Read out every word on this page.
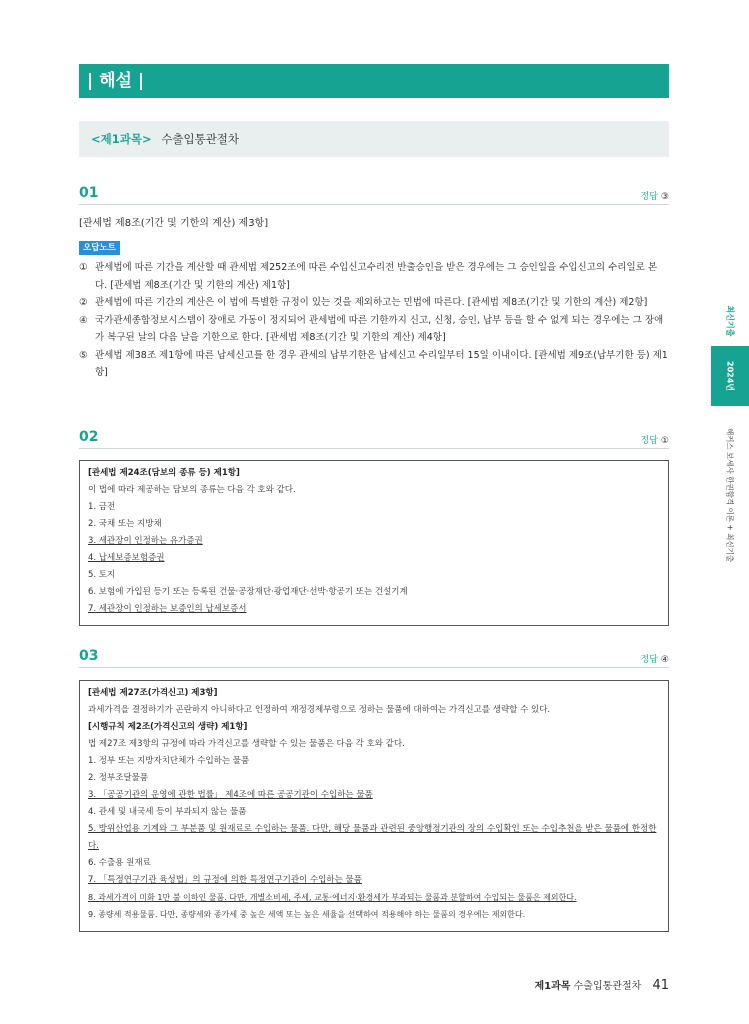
| 해설 |
<제1과목> 수출입통관절차
01	정답 ③
[관세법 제8조(기간 및 기한의 계산) 제3항]
오답노트
① 관세법에 따른 기간을 계산할 때 관세법 제252조에 따른 수입신고수리전 반출승인을 받은 경우에는 그 승인일을 수입신고의 수리일로 본다. [관세법 제8조(기간 및 기한의 계산) 제1항]
② 관세법에 따른 기간의 계산은 이 법에 특별한 규정이 있는 것을 제외하고는 민법에 따른다. [관세법 제8조(기간 및 기한의 계산) 제2항]
④ 국가관세종합정보시스템이 장애로 가동이 정지되어 관세법에 따른 기한까지 신고, 신청, 승인, 납부 등을 할 수 없게 되는 경우에는 그 장애가 복구된 날의 다음 날을 기한으로 한다. [관세법 제8조(기간 및 기한의 계산) 제4항]
⑤ 관세법 제38조 제1항에 따른 납세신고를 한 경우 관세의 납부기한은 납세신고 수리일부터 15일 이내이다. [관세법 제9조(납부기한 등) 제1항]
02	정답 ①
[관세법 제24조(담보의 종류 등) 제1항]
이 법에 따라 제공하는 담보의 종류는 다음 각 호와 같다.
1. 금전
2. 국채 또는 지방채
3. 세관장이 인정하는 유가증권
4. 납세보증보험증권
5. 토지
6. 보험에 가입된 등기 또는 등록된 건물·공장재단·광업재단·선박·항공기 또는 건설기계
7. 세관장이 인정하는 보증인의 납세보증서
03	정답 ④
[관세법 제27조(가격신고) 제3항]
과세가격을 결정하기가 곤란하지 아니하다고 인정하여 재정경제부령으로 정하는 물품에 대하여는 가격신고를 생략할 수 있다.
[시행규칙 제2조(가격신고의 생략) 제1항]
법 제27조 제3항의 규정에 따라 가격신고를 생략할 수 있는 물품은 다음 각 호와 같다.
1. 정부 또는 지방자치단체가 수입하는 물품
2. 정부조달물품
3. 「공공기관의 운영에 관한 법률」 제4조에 따른 공공기관이 수입하는 물품
4. 관세 및 내국세 등이 부과되지 않는 물품
5. 방위산업용 기계와 그 부분품 및 원재료로 수입하는 물품. 다만, 해당 물품과 관련된 중앙행정기관의 장의 수입확인 또는 수입추천을 받은 물품에 한정한다.
6. 수출용 원재료
7. 「특정연구기관 육성법」의 규정에 의한 특정연구기관이 수입하는 물품
8. 과세가격이 미화 1만 불 이하인 물품. 다만, 개별소비세, 주세, 교통·에너지·환경세가 부과되는 물품과 분할하여 수입되는 물품은 제외한다.
9. 종량세 적용물품. 다만, 종량세와 종가세 중 높은 세액 또는 높은 세율을 선택하여 적용해야 하는 물품의 경우에는 제외한다.
최신기출
2024년
해커스 보세사 한권합격 이론 + 최신기출
제1과목 수출입통관절차 41
